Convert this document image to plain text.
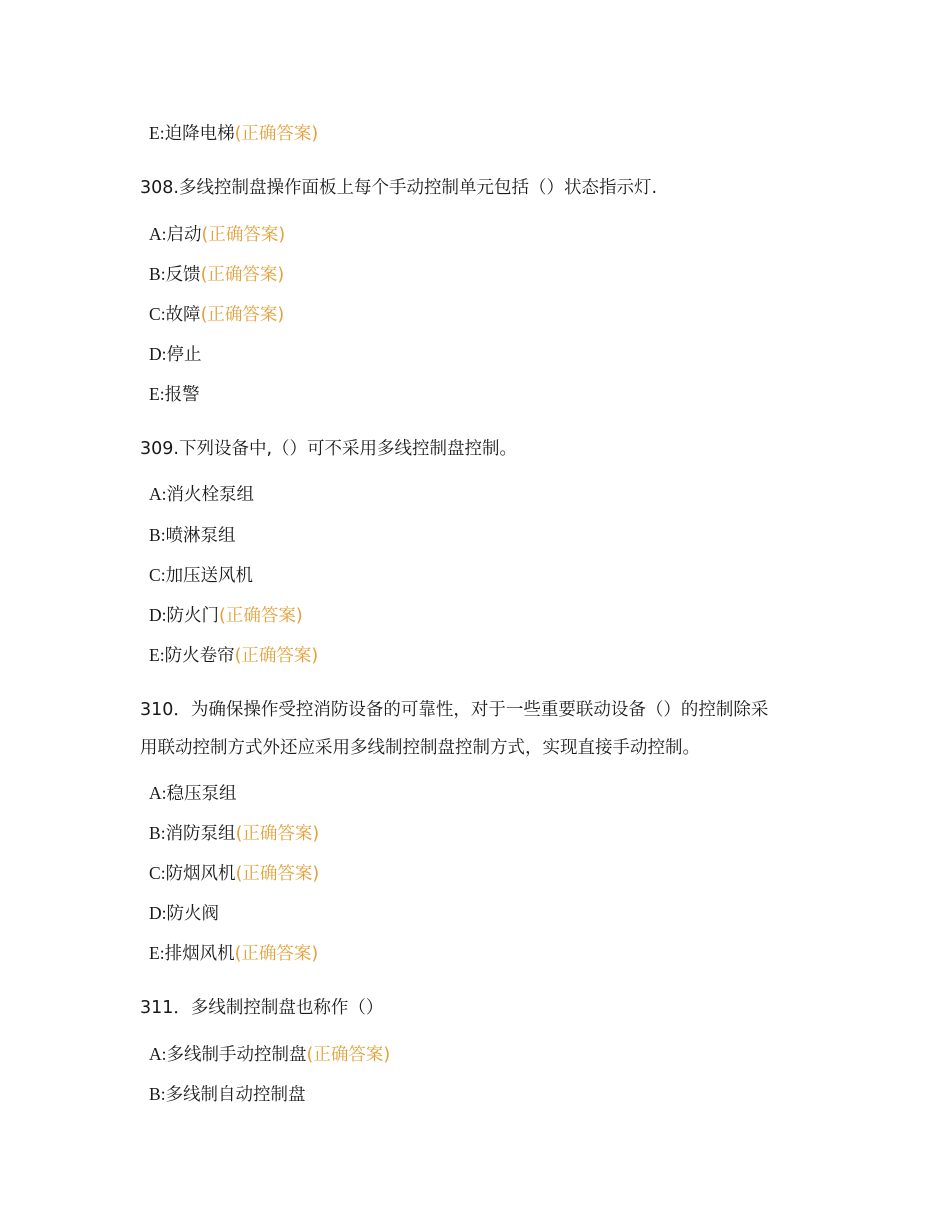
E:迫降电梯(正确答案)
308.多线控制盘操作面板上每个手动控制单元包括（）状态指示灯.
A:启动(正确答案)
B:反馈(正确答案)
C:故障(正确答案)
D:停止
E:报警
309.下列设备中,（）可不采用多线控制盘控制。
A:消火栓泵组
B:喷淋泵组
C:加压送风机
D:防火门(正确答案)
E:防火卷帘(正确答案)
310．为确保操作受控消防设备的可靠性，对于一些重要联动设备（）的控制除采
用联动控制方式外还应采用多线制控制盘控制方式，实现直接手动控制。
A:稳压泵组
B:消防泵组(正确答案)
C:防烟风机(正确答案)
D:防火阀
E:排烟风机(正确答案)
311．多线制控制盘也称作（）
A:多线制手动控制盘(正确答案)
B:多线制自动控制盘
